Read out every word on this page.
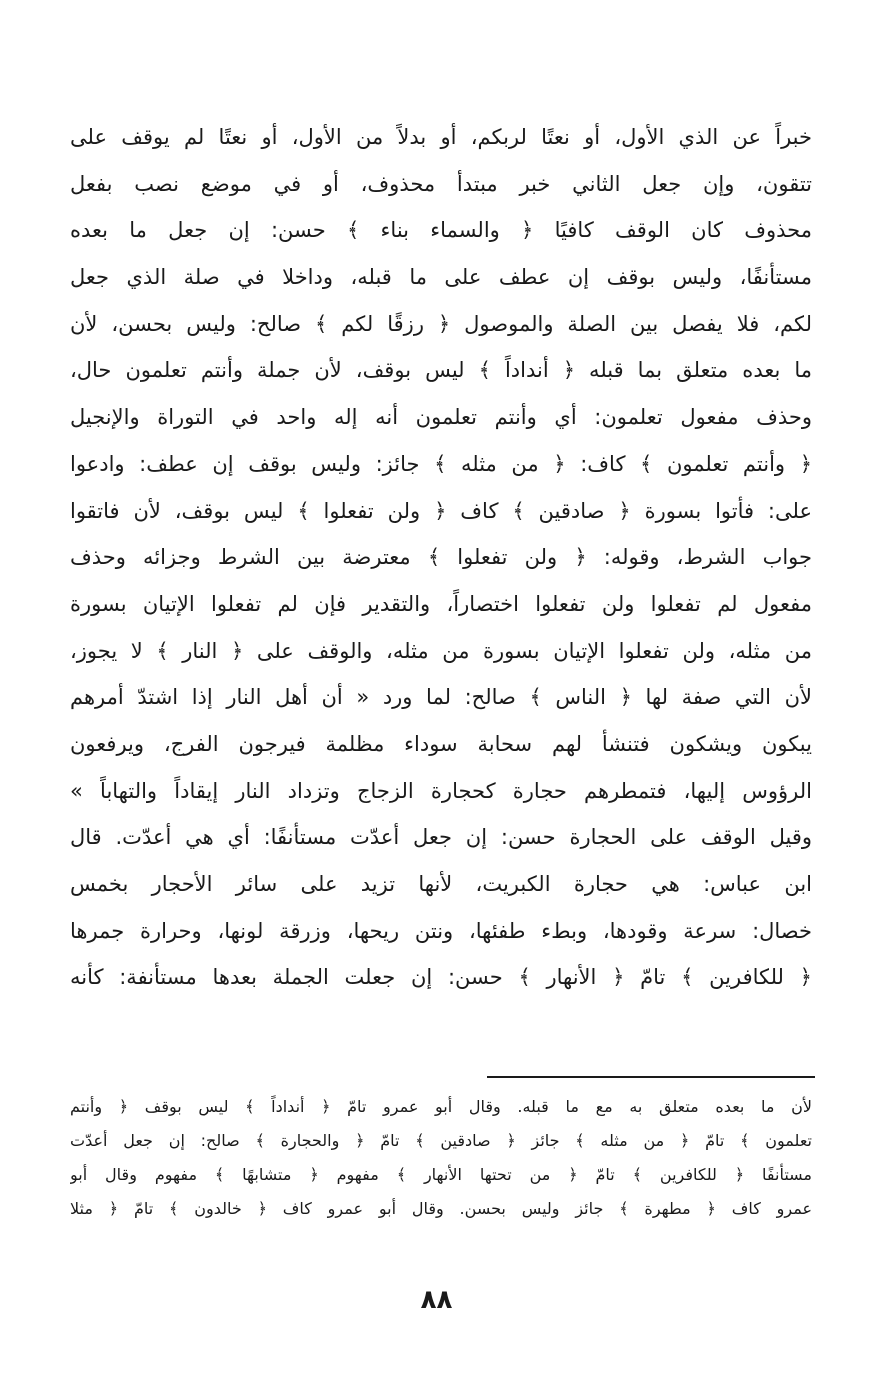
خبراً عن الذي الأول، أو نعتًا لربكم، أو بدلاً من الأول، أو نعتًا لم يوقف على
تتقون، وإن جعل الثاني خبر مبتدأ محذوف، أو في موضع نصب بفعل
محذوف كان الوقف كافيًا ﴿ والسماء بناء ﴾ حسن: إن جعل ما بعده
مستأنفًا، وليس بوقف إن عطف على ما قبله، وداخلا في صلة الذي جعل
لكم، فلا يفصل بين الصلة والموصول ﴿ رزقًا لكم ﴾ صالح: وليس بحسن، لأن
ما بعده متعلق بما قبله ﴿ أنداداً ﴾ ليس بوقف، لأن جملة وأنتم تعلمون حال،
وحذف مفعول تعلمون: أي وأنتم تعلمون أنه إله واحد في التوراة والإنجيل
﴿ وأنتم تعلمون ﴾ كاف: ﴿ من مثله ﴾ جائز: وليس بوقف إن عطف: وادعوا
على: فأتوا بسورة ﴿ صادقين ﴾ كاف ﴿ ولن تفعلوا ﴾ ليس بوقف، لأن فاتقوا
جواب الشرط، وقوله: ﴿ ولن تفعلوا ﴾ معترضة بين الشرط وجزائه وحذف
مفعول لم تفعلوا ولن تفعلوا اختصاراً، والتقدير فإن لم تفعلوا الإتيان بسورة
من مثله، ولن تفعلوا الإتيان بسورة من مثله، والوقف على ﴿ النار ﴾ لا يجوز،
لأن التي صفة لها ﴿ الناس ﴾ صالح: لما ورد « أن أهل النار إذا اشتدّ أمرهم
يبكون ويشكون فتنشأ لهم سحابة سوداء مظلمة فيرجون الفرج، ويرفعون
الرؤوس إليها، فتمطرهم حجارة كحجارة الزجاج وتزداد النار إيقاداً والتهاباً »
وقيل الوقف على الحجارة حسن: إن جعل أعدّت مستأنفًا: أي هي أعدّت. قال
ابن عباس: هي حجارة الكبريت، لأنها تزيد على سائر الأحجار بخمس
خصال: سرعة وقودها، وبطء طفئها، ونتن ريحها، وزرقة لونها، وحرارة جمرها
﴿ للكافرين ﴾ تامّ ﴿ الأنهار ﴾ حسن: إن جعلت الجملة بعدها مستأنفة: كأنه
لأن ما بعده متعلق به مع ما قبله. وقال أبو عمرو تامّ ﴿ أنداداً ﴾ ليس بوقف ﴿ وأنتم
تعلمون ﴾ تامّ ﴿ من مثله ﴾ جائز ﴿ صادقين ﴾ تامّ ﴿ والحجارة ﴾ صالح: إن جعل أعدّت
مستأنفًا ﴿ للكافرين ﴾ تامّ ﴿ من تحتها الأنهار ﴾ مفهوم ﴿ متشابهًا ﴾ مفهوم وقال أبو
عمرو كاف ﴿ مطهرة ﴾ جائز وليس بحسن. وقال أبو عمرو كاف ﴿ خالدون ﴾ تامّ ﴿ مثلا
٨٨
